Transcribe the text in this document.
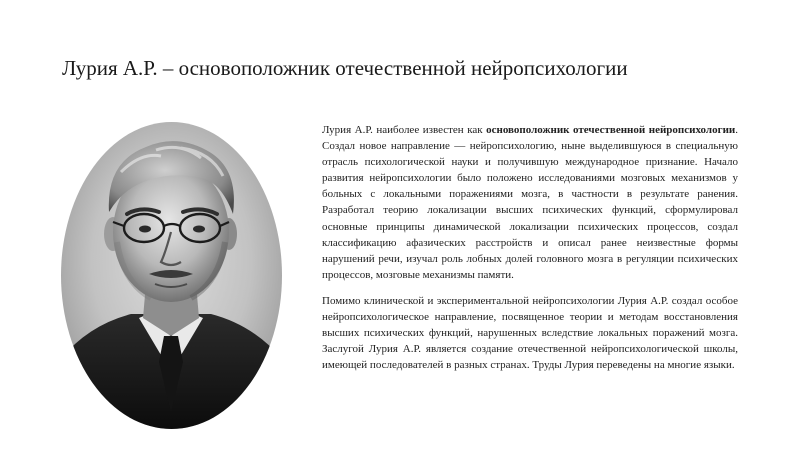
Лурия А.Р. – основоположник отечественной нейропсихологии

Лурия А.Р. наиболее известен как основоположник отечественной нейропсихологии. Создал новое направление — нейропсихологию, ныне выделившуюся в специальную отрасль психологической науки и получившую международное признание. Начало развития нейропсихологии было положено исследованиями мозговых механизмов у больных с локальными поражениями мозга, в частности в результате ранения. Разработал теорию локализации высших психических функций, сформулировал основные принципы динамической локализации психических процессов, создал классификацию афазических расстройств и описал ранее неизвестные формы нарушений речи, изучал роль лобных долей головного мозга в регуляции психических процессов, мозговые механизмы памяти.

Помимо клинической и экспериментальной нейропсихологии Лурия А.Р. создал особое нейропсихологическое направление, посвященное теории и методам восстановления высших психических функций, нарушенных вследствие локальных поражений мозга. Заслугой Лурия А.Р. является создание отечественной нейропсихологической школы, имеющей последователей в разных странах. Труды Лурия переведены на многие языки.
